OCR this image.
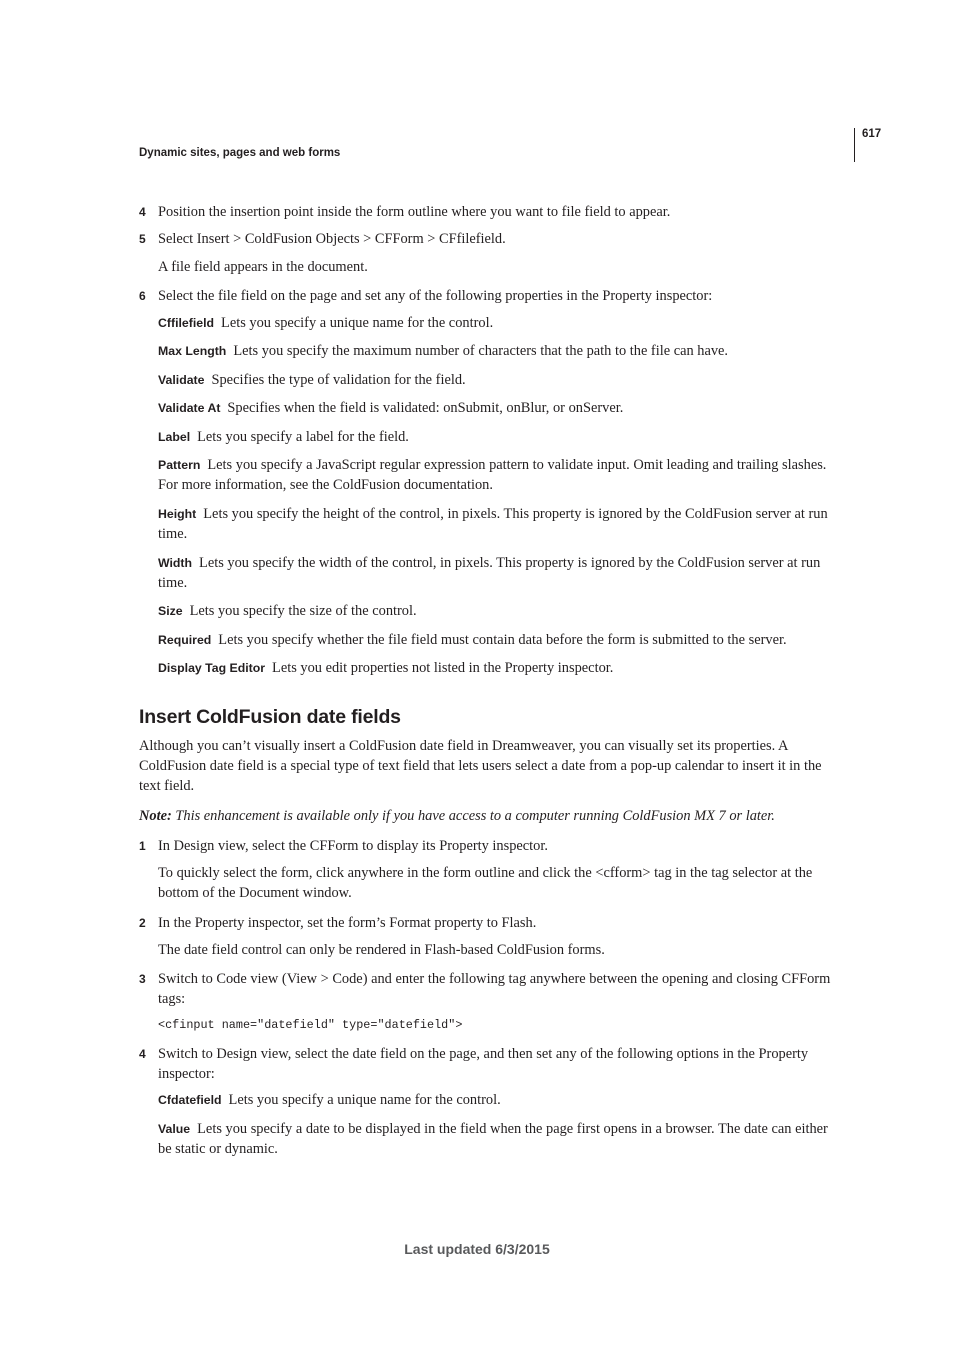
617
Dynamic sites, pages and web forms
4 Position the insertion point inside the form outline where you want to file field to appear.
5 Select Insert > ColdFusion Objects > CFForm > CFfilefield.
A file field appears in the document.
6 Select the file field on the page and set any of the following properties in the Property inspector:
Cffilefield Lets you specify a unique name for the control.
Max Length Lets you specify the maximum number of characters that the path to the file can have.
Validate Specifies the type of validation for the field.
Validate At Specifies when the field is validated: onSubmit, onBlur, or onServer.
Label Lets you specify a label for the field.
Pattern Lets you specify a JavaScript regular expression pattern to validate input. Omit leading and trailing slashes.
For more information, see the ColdFusion documentation.
Height Lets you specify the height of the control, in pixels. This property is ignored by the ColdFusion server at run
time.
Width Lets you specify the width of the control, in pixels. This property is ignored by the ColdFusion server at run
time.
Size Lets you specify the size of the control.
Required Lets you specify whether the file field must contain data before the form is submitted to the server.
Display Tag Editor Lets you edit properties not listed in the Property inspector.
Insert ColdFusion date fields
Although you can’t visually insert a ColdFusion date field in Dreamweaver, you can visually set its properties. A
ColdFusion date field is a special type of text field that lets users select a date from a pop-up calendar to insert it in the
text field.
Note: This enhancement is available only if you have access to a computer running ColdFusion MX 7 or later.
1 In Design view, select the CFForm to display its Property inspector.
To quickly select the form, click anywhere in the form outline and click the <cfform> tag in the tag selector at the
bottom of the Document window.
2 In the Property inspector, set the form’s Format property to Flash.
The date field control can only be rendered in Flash-based ColdFusion forms.
3 Switch to Code view (View > Code) and enter the following tag anywhere between the opening and closing CFForm
tags:
<cfinput name="datefield" type="datefield">
4 Switch to Design view, select the date field on the page, and then set any of the following options in the Property
inspector:
Cfdatefield Lets you specify a unique name for the control.
Value Lets you specify a date to be displayed in the field when the page first opens in a browser. The date can either
be static or dynamic.
Last updated 6/3/2015
